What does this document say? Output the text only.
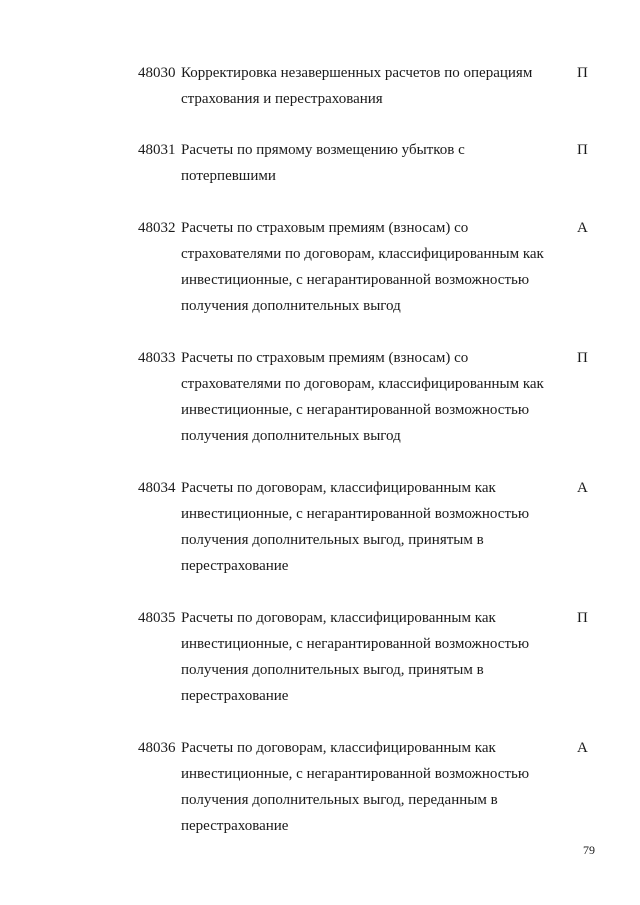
48030 Корректировка незавершенных расчетов по операциям
страхования и перестрахования
П
48031 Расчеты по прямому возмещению убытков с
потерпевшими
П
48032 Расчеты по страховым премиям (взносам) со
страхователями по договорам, классифицированным как
инвестиционные, с негарантированной возможностью
получения дополнительных выгод
А
48033 Расчеты по страховым премиям (взносам) со
страхователями по договорам, классифицированным как
инвестиционные, с негарантированной возможностью
получения дополнительных выгод
П
48034 Расчеты по договорам, классифицированным как
инвестиционные, с негарантированной возможностью
получения дополнительных выгод, принятым в
перестрахование
А
48035 Расчеты по договорам, классифицированным как
инвестиционные, с негарантированной возможностью
получения дополнительных выгод, принятым в
перестрахование
П
48036 Расчеты по договорам, классифицированным как
инвестиционные, с негарантированной возможностью
получения дополнительных выгод, переданным в
перестрахование
А
79
